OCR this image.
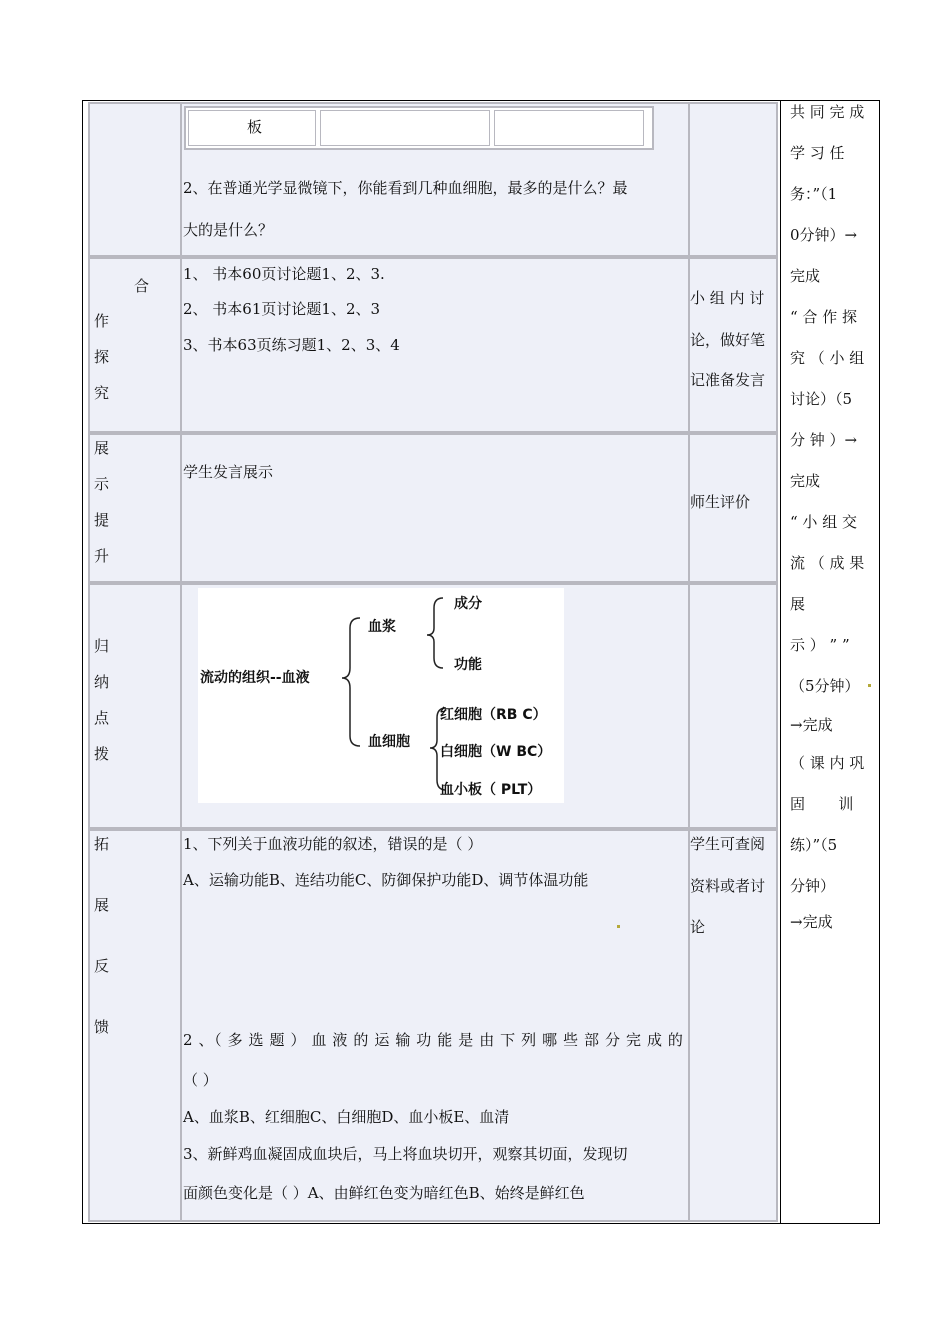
板
2、在普通光学显微镜下，你能看到几种血细胞，最多的是什么？最
大的是什么？
合
作
探
究
1、 书本60页讨论题1、2、3.
2、 书本61页讨论题1、2、3
3、书本63页练习题1、2、3、4
小 组 内 讨
论，做好笔
记准备发言
展
示
提
升
学生发言展示
师生评价
归
纳
点
拨
流动的组织--血液
血浆
成分
功能
血细胞
红细胞（RB C）
白细胞（W BC）
血小板（ PLT）
拓
展
反
馈
1、下列关于血液功能的叙述，错误的是（ ）
A、运输功能B、连结功能C、防御保护功能D、调节体温功能
2 、（ 多 选 题 ） 血 液 的 运 输 功 能 是 由 下 列 哪 些 部 分 完 成 的
（ ）
A、血浆B、红细胞C、白细胞D、血小板E、血清
3、新鲜鸡血凝固成血块后，马上将血块切开，观察其切面，发现切
面颜色变化是（ ）A、由鲜红色变为暗红色B、始终是鲜红色
学生可查阅
资料或者讨
论
共 同 完 成
学 习 任
务：”（1
0分钟）→
完成
“ 合 作 探
究 （ 小 组
讨论）（5
分 钟 ）→
完成
“ 小 组 交
流 （ 成 果
展
示 ） ” ”
（5分钟）
→完成
（ 课 内 巩
固       训
练）”（5
分钟）
→完成
